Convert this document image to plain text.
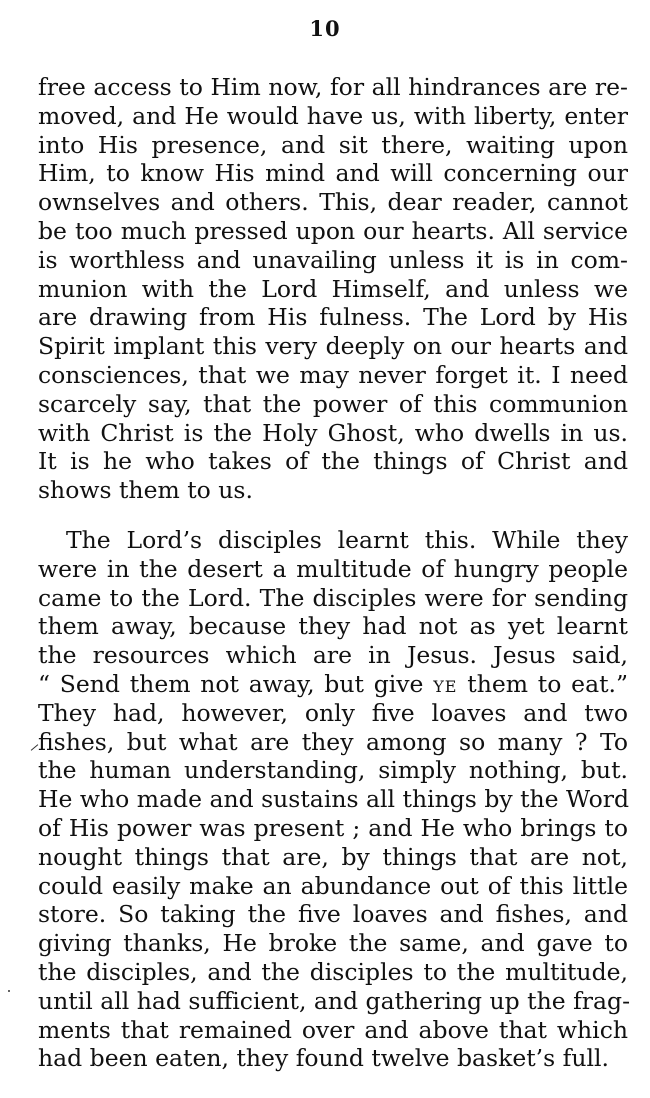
10
free access to Him now, for all hindrances are re-
moved, and He would have us, with liberty, enter
into His presence, and sit there, waiting upon
Him, to know His mind and will concerning our
ownselves and others. This, dear reader, cannot
be too much pressed upon our hearts. All service
is worthless and unavailing unless it is in com-
munion with the Lord Himself, and unless we
are drawing from His fulness. The Lord by His
Spirit implant this very deeply on our hearts and
consciences, that we may never forget it. I need
scarcely say, that the power of this communion
with Christ is the Holy Ghost, who dwells in us.
It is he who takes of the things of Christ and
shows them to us.
The Lord’s disciples learnt this. While they
were in the desert a multitude of hungry people
came to the Lord. The disciples were for sending
them away, because they had not as yet learnt
the resources which are in Jesus. Jesus said,
“ Send them not away, but give ye them to eat.”
They had, however, only five loaves and two
fishes, but what are they among so many ? To
the human understanding, simply nothing, but.
He who made and sustains all things by the Word
of His power was present ; and He who brings to
nought things that are, by things that are not,
could easily make an abundance out of this little
store. So taking the five loaves and fishes, and
giving thanks, He broke the same, and gave to
the disciples, and the disciples to the multitude,
until all had sufficient, and gathering up the frag-
ments that remained over and above that which
had been eaten, they found twelve basket’s full.
